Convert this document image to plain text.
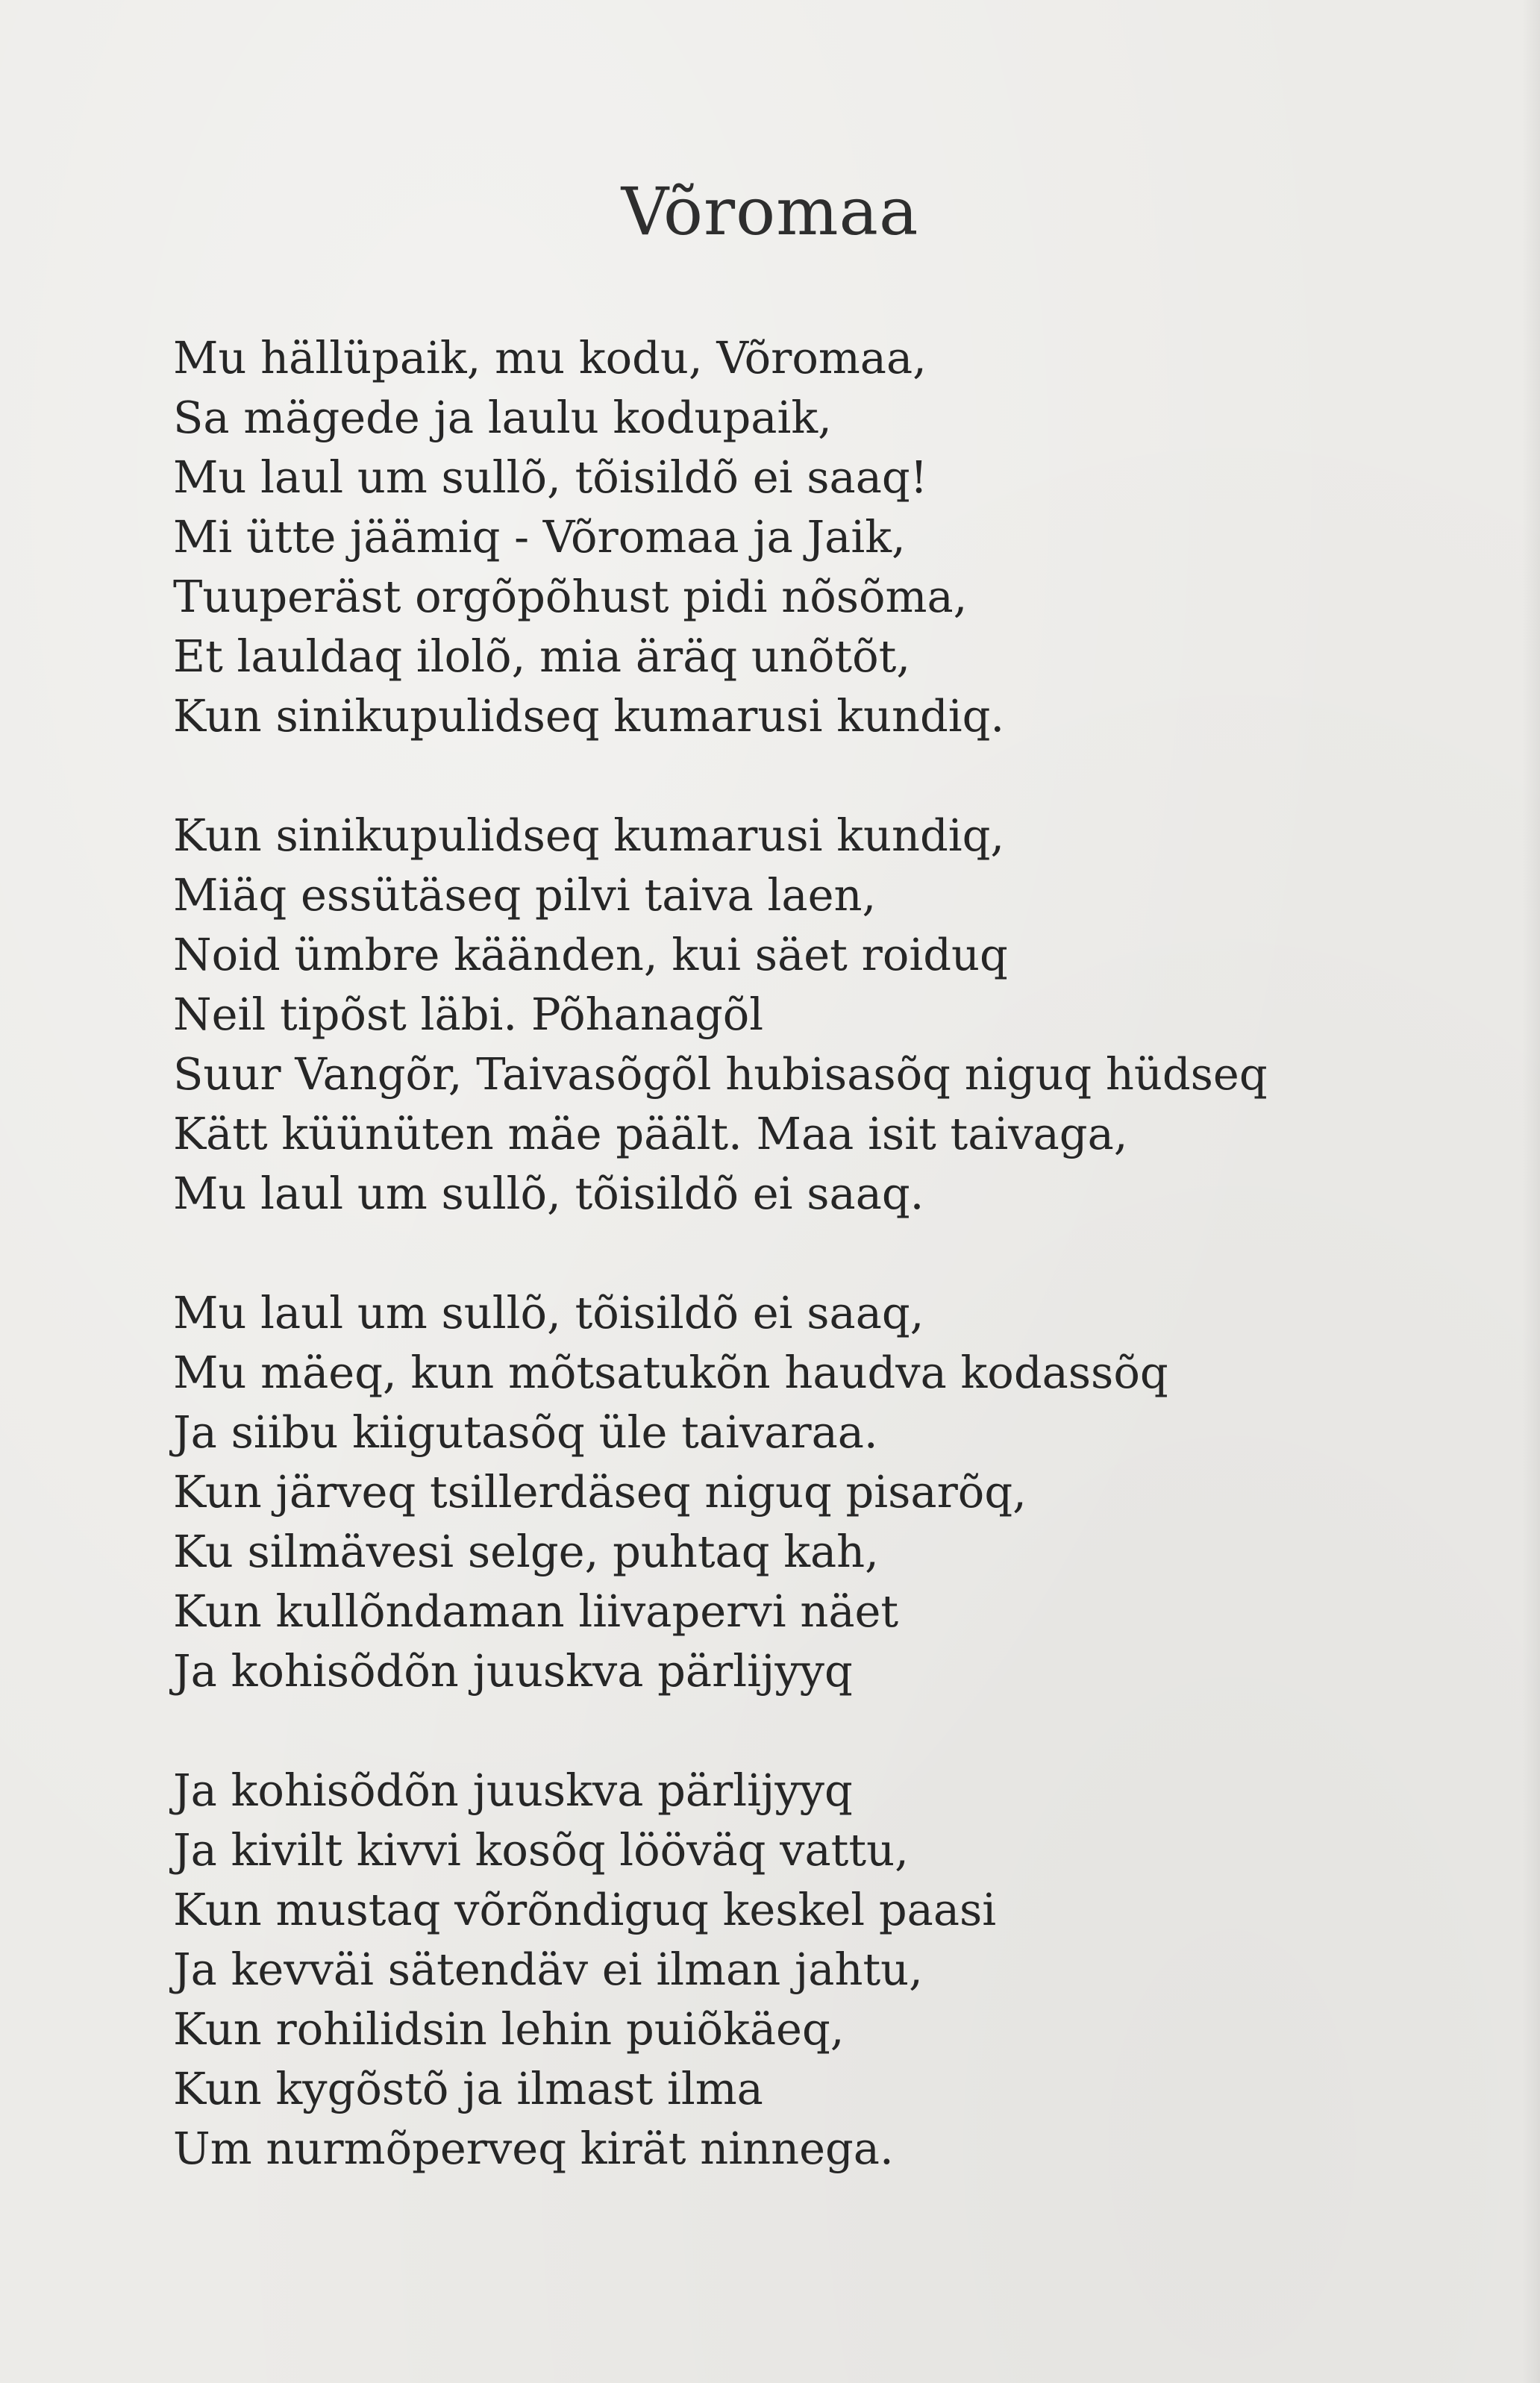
Võromaa
Mu hällüpaik, mu kodu, Võromaa,
Sa mägede ja laulu kodupaik,
Mu laul um sullõ, tõisildõ ei saaq!
Mi ütte jäämiq - Võromaa ja Jaik,
Tuuperäst orgõpõhust pidi nõsõma,
Et lauldaq ilolõ, mia äräq unõtõt,
Kun sinikupulidseq kumarusi kundiq.
Kun sinikupulidseq kumarusi kundiq,
Miäq essütäseq pilvi taiva laen,
Noid ümbre käänden, kui säet roiduq
Neil tipõst läbi. Põhanagõl
Suur Vangõr, Taivasõgõl hubisasõq niguq hüdseq
Kätt küünüten mäe päält. Maa isit taivaga,
Mu laul um sullõ, tõisildõ ei saaq.
Mu laul um sullõ, tõisildõ ei saaq,
Mu mäeq, kun mõtsatukõn haudva kodassõq
Ja siibu kiigutasõq üle taivaraa.
Kun järveq tsillerdäseq niguq pisarõq,
Ku silmävesi selge, puhtaq kah,
Kun kullõndaman liivapervi näet
Ja kohisõdõn juuskva pärlijyyq
Ja kohisõdõn juuskva pärlijyyq
Ja kivilt kivvi kosõq lööväq vattu,
Kun mustaq võrõndiguq keskel paasi
Ja kevväi sätendäv ei ilman jahtu,
Kun rohilidsin lehin puiõkäeq,
Kun kygõstõ ja ilmast ilma
Um nurmõperveq kirät ninnega.
